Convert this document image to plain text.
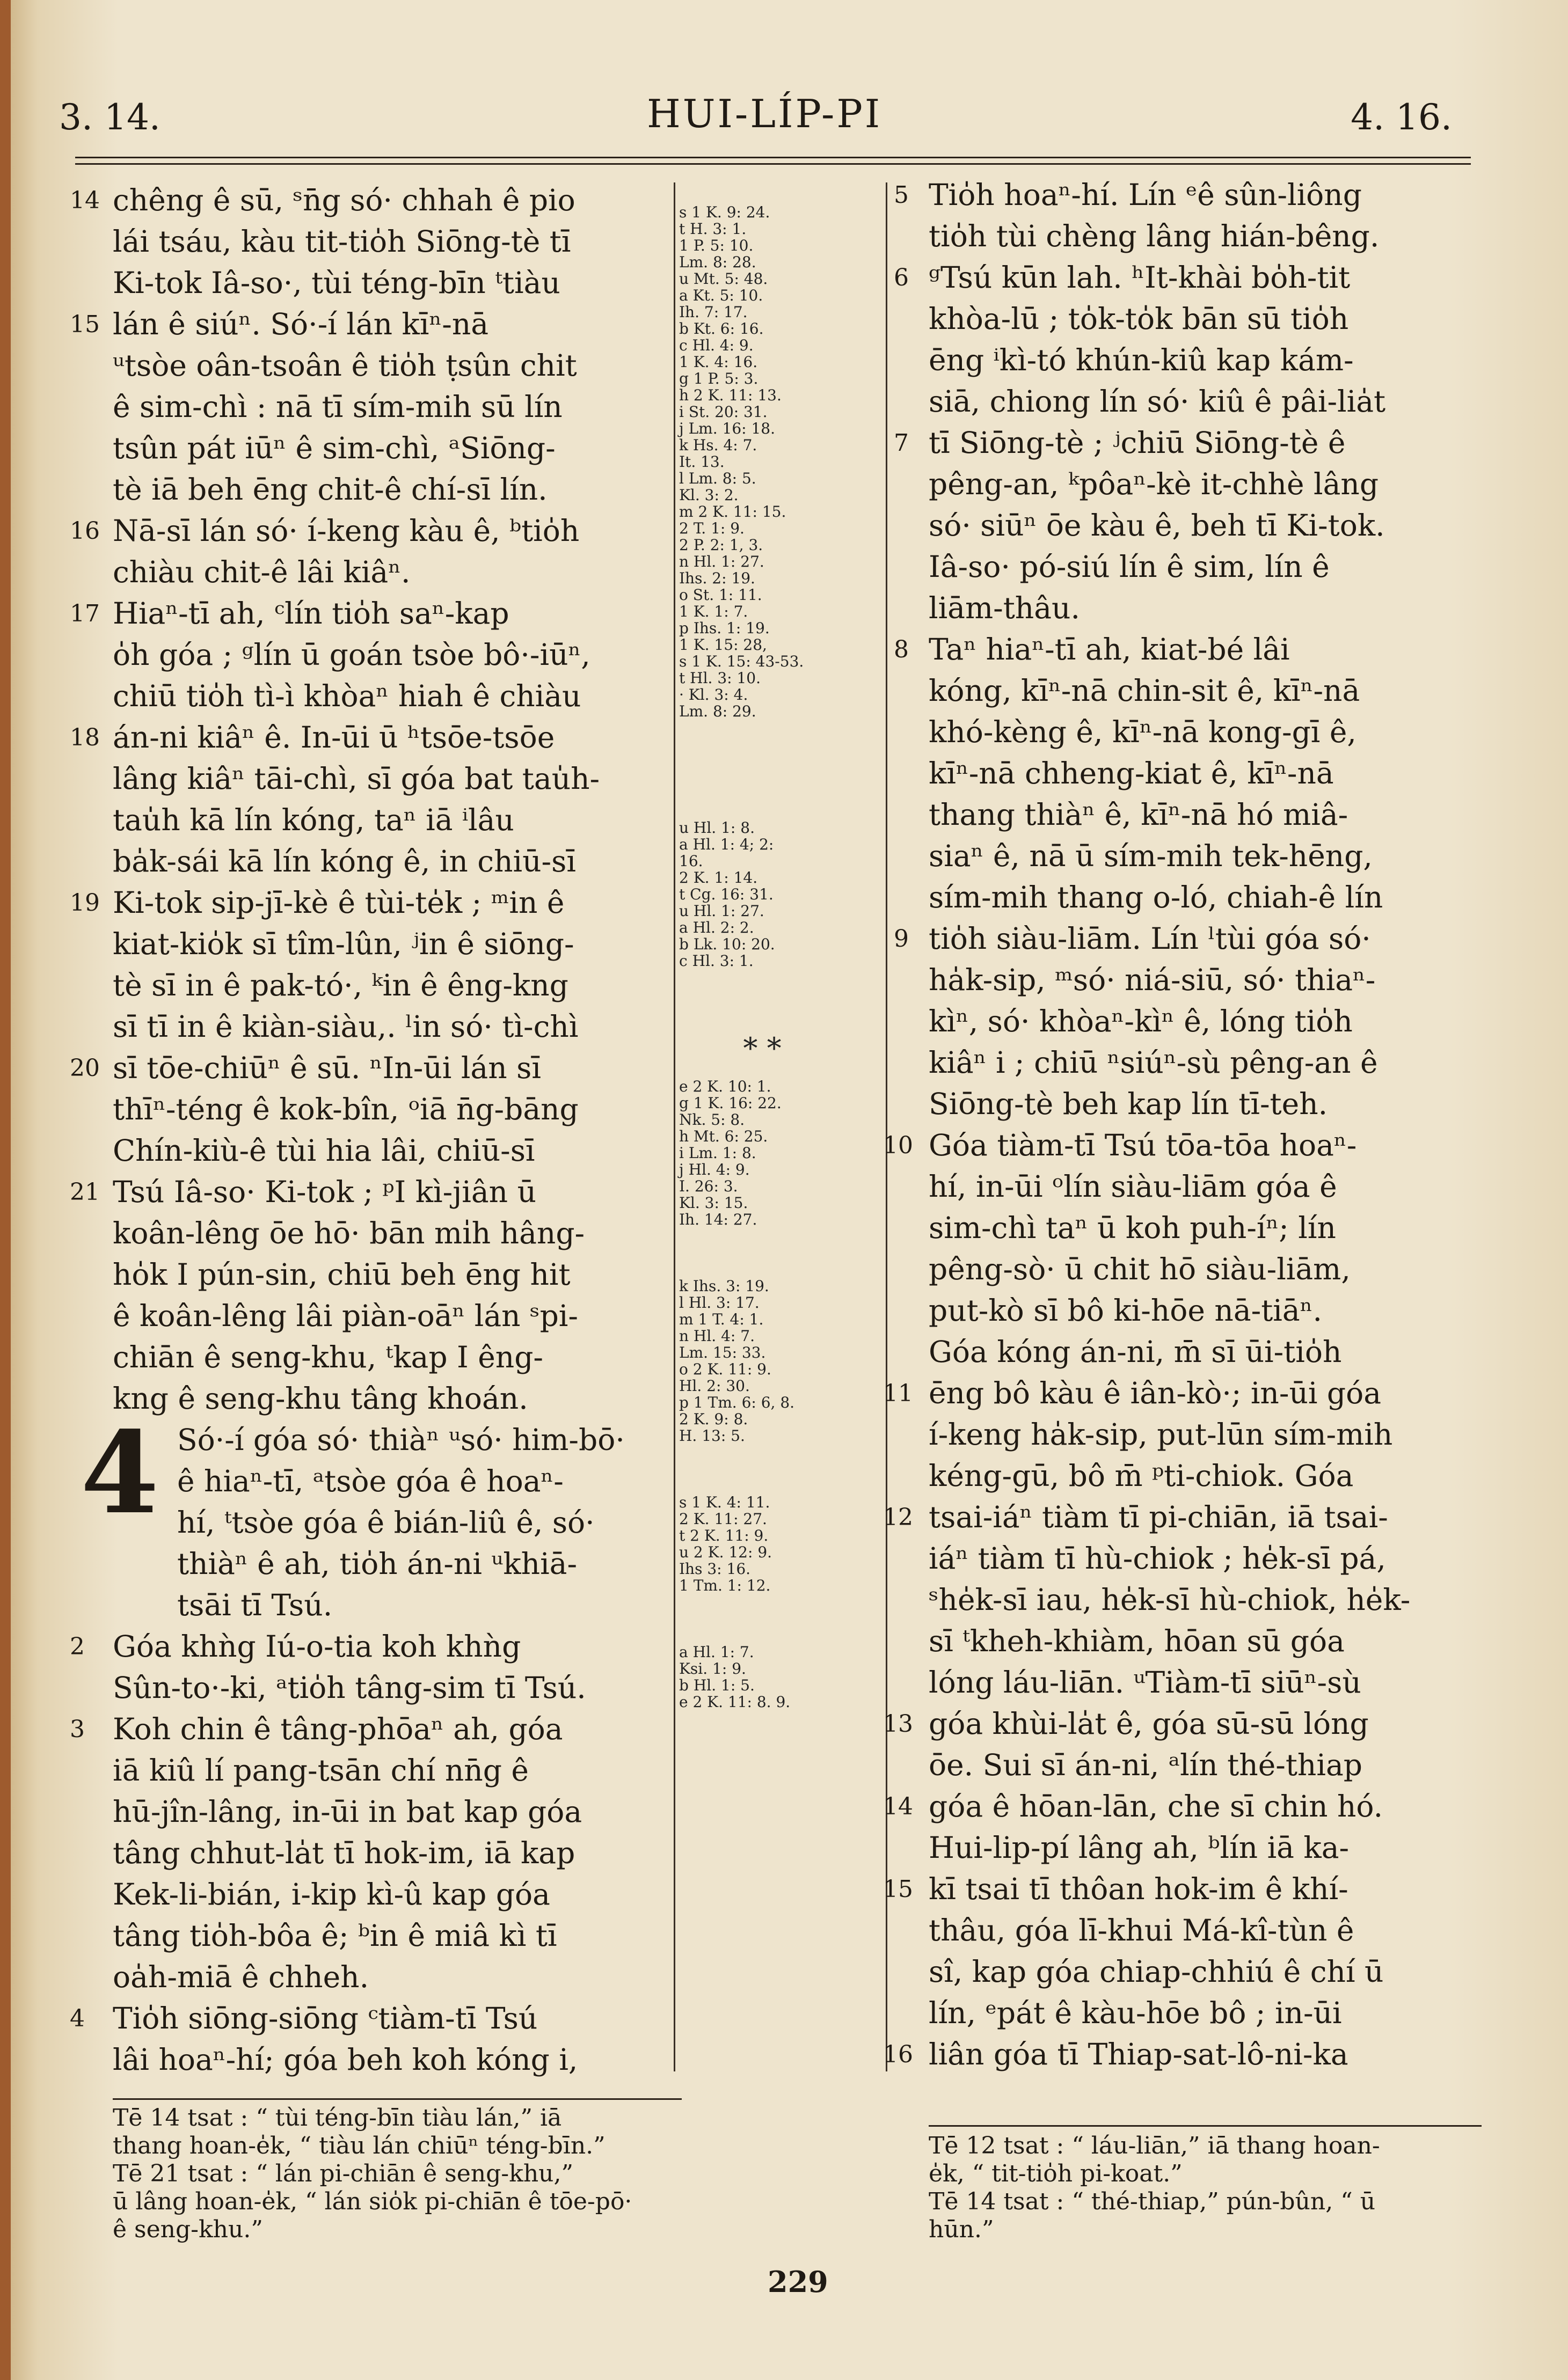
3. 14.	HUI-LÍP-PI	4. 16.
14
15
16
17
18
19
20
21
4
2
3
4
chêng ê sū, ˢn̄g só· chhah ê pio
lái tsáu, kàu tit-tio̍h Siōng-tè tī
Ki-tok Iâ-so·, tùi téng-bīn ᵗtiàu
lán ê siúⁿ. Só·-í lán kīⁿ-nā
ᵘtsòe oân-tsoân ê tio̍h ṭsûn chit
ê sim-chì : nā tī sím-mih sū lín
tsûn pát iūⁿ ê sim-chì, ᵃSiōng-
tè iā beh ēng chit-ê chí-sī lín.
Nā-sī lán só· í-keng kàu ê, ᵇtio̍h
chiàu chit-ê lâi kiâⁿ.
Hiaⁿ-tī ah, ᶜlín tio̍h saⁿ-kap
o̍h góa ; ᵍlín ū goán tsòe bô·-iūⁿ,
chiū tio̍h tì-ì khòaⁿ hiah ê chiàu
án-ni kiâⁿ ê. In-ūi ū ʰtsōe-tsōe
lâng kiâⁿ tāi-chì, sī góa bat tau̍h-
tau̍h kā lín kóng, taⁿ iā ⁱlâu
ba̍k-sái kā lín kóng ê, in chiū-sī
Ki-tok sip-jī-kè ê tùi-te̍k ; ᵐin ê
kiat-kio̍k sī tîm-lûn, ʲin ê siōng-
tè sī in ê pak-tó·, ᵏin ê êng-kng
sī tī in ê kiàn-siàu,. ˡin só· tì-chì
sī tōe-chiūⁿ ê sū. ⁿIn-ūi lán sī
thīⁿ-téng ê kok-bîn, ᵒiā n̄g-bāng
Chín-kiù-ê tùi hia lâi, chiū-sī
Tsú Iâ-so· Ki-tok ; ᵖI kì-jiân ū
koân-lêng ōe hō· bān mi̍h hâng-
ho̍k I pún-sin, chiū beh ēng hit
ê koân-lêng lâi piàn-oāⁿ lán ˢpi-
chiān ê seng-khu, ᵗkap I êng-
kng ê seng-khu tâng khoán.
Só·-í góa só· thiàⁿ ᵘsó· him-bō·
ê hiaⁿ-tī, ᵃtsòe góa ê hoaⁿ-
hí, ᵗtsòe góa ê bián-liû ê, só·
thiàⁿ ê ah, tio̍h án-ni ᵘkhiā-
tsāi tī Tsú.
Góa khǹg Iú-o-tia koh khǹg
Sûn-to·-ki, ᵃtio̍h tâng-sim tī Tsú.
Koh chin ê tâng-phōaⁿ ah, góa
iā kiû lí pang-tsān chí nn̄g ê
hū-jîn-lâng, in-ūi in bat kap góa
tâng chhut-la̍t tī hok-im, iā kap
Kek-li-bián, i-kip kì-û kap góa
tâng tio̍h-bôa ê; ᵇin ê miâ kì tī
oa̍h-miā ê chheh.
Tio̍h siōng-siōng ᶜtiàm-tī Tsú
lâi hoaⁿ-hí; góa beh koh kóng i,
s 1 K. 9: 24.
t H. 3: 1.
1 P. 5: 10.
Lm. 8: 28.
u Mt. 5: 48.
a Kt. 5: 10.
Ih. 7: 17.
b Kt. 6: 16.
c Hl. 4: 9.
1 K. 4: 16.
g 1 P. 5: 3.
h 2 K. 11: 13.
i St. 20: 31.
j Lm. 16: 18.
k Hs. 4: 7.
It. 13.
l Lm. 8: 5.
Kl. 3: 2.
m 2 K. 11: 15.
2 T. 1: 9.
2 P. 2: 1, 3.
n Hl. 1: 27.
Ihs. 2: 19.
o St. 1: 11.
1 K. 1: 7.
p Ihs. 1: 19.
1 K. 15: 28,
s 1 K. 15: 43-53.
t Hl. 3: 10.
· Kl. 3: 4.
Lm. 8: 29.
u Hl. 1: 8.
a Hl. 1: 4; 2:
16.
2 K. 1: 14.
t Cg. 16: 31.
u Hl. 1: 27.
a Hl. 2: 2.
b Lk. 10: 20.
c Hl. 3: 1.
* *
e 2 K. 10: 1.
g 1 K. 16: 22.
Nk. 5: 8.
h Mt. 6: 25.
i Lm. 1: 8.
j Hl. 4: 9.
I. 26: 3.
Kl. 3: 15.
Ih. 14: 27.
k Ihs. 3: 19.
l Hl. 3: 17.
m 1 T. 4: 1.
n Hl. 4: 7.
Lm. 15: 33.
o 2 K. 11: 9.
Hl. 2: 30.
p 1 Tm. 6: 6, 8.
2 K. 9: 8.
H. 13: 5.
s 1 K. 4: 11.
2 K. 11: 27.
t 2 K. 11: 9.
u 2 K. 12: 9.
Ihs 3: 16.
1 Tm. 1: 12.
a Hl. 1: 7.
Ksi. 1: 9.
b Hl. 1: 5.
e 2 K. 11: 8. 9.
5
6
7
8
9
10
11
12
13
14
15
16
Tio̍h hoaⁿ-hí. Lín ᵉê sûn-liông
tio̍h tùi chèng lâng hián-bêng.
ᵍTsú kūn lah. ʰIt-khài bo̍h-tit
khòa-lū ; to̍k-to̍k bān sū tio̍h
ēng ⁱkì-tó khún-kiû kap kám-
siā, chiong lín só· kiû ê pâi-lia̍t
tī Siōng-tè ; ʲchiū Siōng-tè ê
pêng-an, ᵏpôaⁿ-kè it-chhè lâng
só· siūⁿ ōe kàu ê, beh tī Ki-tok.
Iâ-so· pó-siú lín ê sim, lín ê
liām-thâu.
Taⁿ hiaⁿ-tī ah, kiat-bé lâi
kóng, kīⁿ-nā chin-sit ê, kīⁿ-nā
khó-kèng ê, kīⁿ-nā kong-gī ê,
kīⁿ-nā chheng-kiat ê, kīⁿ-nā
thang thiàⁿ ê, kīⁿ-nā hó miâ-
siaⁿ ê, nā ū sím-mih tek-hēng,
sím-mih thang o-ló, chiah-ê lín
tio̍h siàu-liām. Lín ˡtùi góa só·
ha̍k-sip, ᵐsó· niá-siū, só· thiaⁿ-
kìⁿ, só· khòaⁿ-kìⁿ ê, lóng tio̍h
kiâⁿ i ; chiū ⁿsiúⁿ-sù pêng-an ê
Siōng-tè beh kap lín tī-teh.
Góa tiàm-tī Tsú tōa-tōa hoaⁿ-
hí, in-ūi ᵒlín siàu-liām góa ê
sim-chì taⁿ ū koh puh-íⁿ; lín
pêng-sò· ū chit hō siàu-liām,
put-kò sī bô ki-hōe nā-tiāⁿ.
Góa kóng án-ni, m̄ sī ūi-tio̍h
ēng bô kàu ê iân-kò·; in-ūi góa
í-keng ha̍k-sip, put-lūn sím-mih
kéng-gū, bô m̄ ᵖti-chiok. Góa
tsai-iáⁿ tiàm tī pi-chiān, iā tsai-
iáⁿ tiàm tī hù-chiok ; he̍k-sī pá,
ˢhe̍k-sī iau, he̍k-sī hù-chiok, he̍k-
sī ᵗkheh-khiàm, hōan sū góa
lóng láu-liān. ᵘTiàm-tī siūⁿ-sù
góa khùi-la̍t ê, góa sū-sū lóng
ōe. Sui sī án-ni, ᵃlín thé-thiap
góa ê hōan-lān, che sī chin hó.
Hui-lip-pí lâng ah, ᵇlín iā ka-
kī tsai tī thôan hok-im ê khí-
thâu, góa lī-khui Má-kî-tùn ê
sî, kap góa chiap-chhiú ê chí ū
lín, ᵉpát ê kàu-hōe bô ; in-ūi
liân góa tī Thiap-sat-lô-ni-ka
Tē 14 tsat : “ tùi téng-bīn tiàu lán,” iā
thang hoan-e̍k, “ tiàu lán chiūⁿ téng-bīn.”
Tē 21 tsat : “ lán pi-chiān ê seng-khu,”
ū lâng hoan-e̍k, “ lán sio̍k pi-chiān ê tōe-pō·
ê seng-khu.”
Tē 12 tsat : “ láu-liān,” iā thang hoan-
e̍k, “ tit-tio̍h pi-koat.”
Tē 14 tsat : “ thé-thiap,” pún-bûn, “ ū
hūn.”
229
